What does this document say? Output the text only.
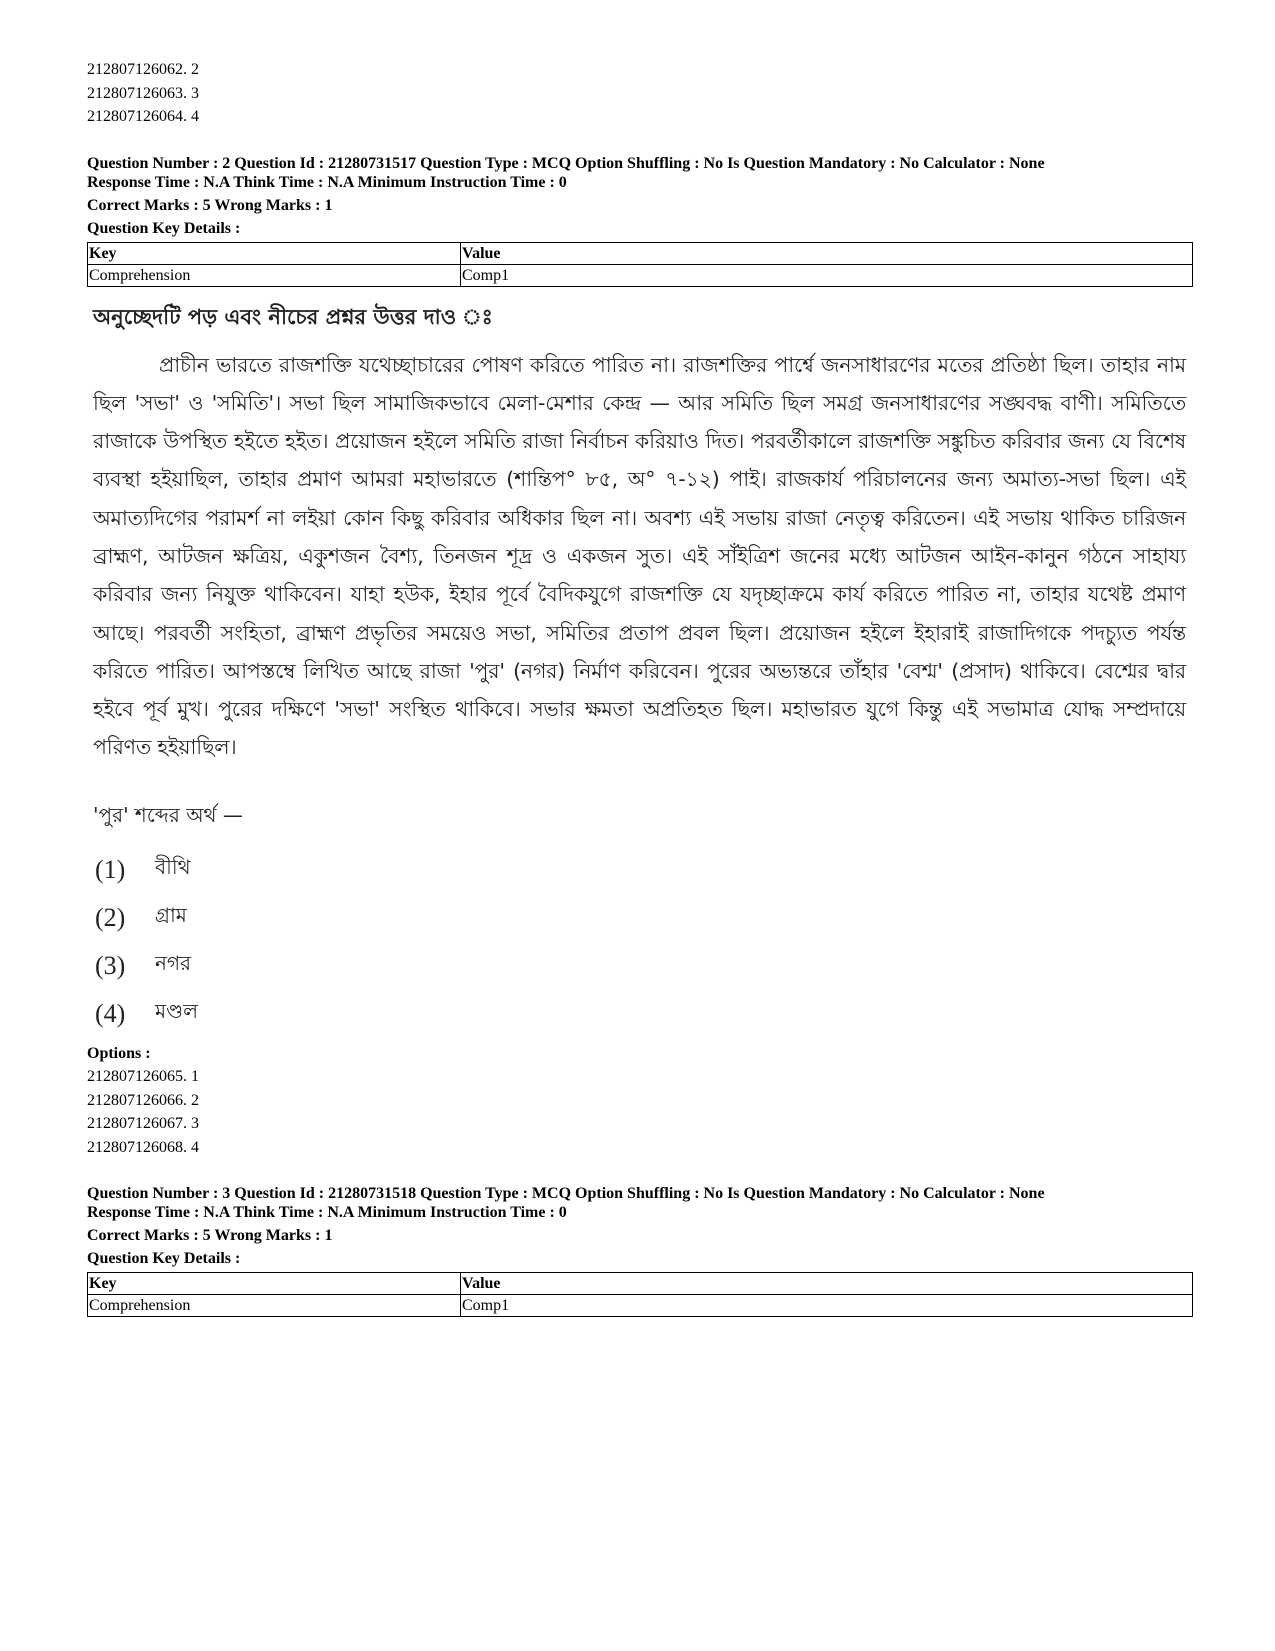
212807126062. 2
212807126063. 3
212807126064. 4
Question Number : 2 Question Id : 21280731517 Question Type : MCQ Option Shuffling : No Is Question Mandatory : No Calculator : None
Response Time : N.A Think Time : N.A Minimum Instruction Time : 0
Correct Marks : 5 Wrong Marks : 1
Question Key Details :
Key	Value
Comprehension	Comp1
অনুচ্ছেদটি পড় এবং নীচের প্রশ্নর উত্তর দাও ঃ

প্রাচীন ভারতে রাজশক্তি যথেচ্ছাচারের পোষণ করিতে পারিত না। রাজশক্তির পার্শ্বে জনসাধারণের মতের প্রতিষ্ঠা ছিল। তাহার নাম ছিল 'সভা' ও 'সমিতি'। সভা ছিল সামাজিকভাবে মেলা-মেশার কেন্দ্র — আর সমিতি ছিল সমগ্র জনসাধারণের সঙ্ঘবদ্ধ বাণী। সমিতিতে রাজাকে উপস্থিত হইতে হইত। প্রয়োজন হইলে সমিতি রাজা নির্বাচন করিয়াও দিত। পরবর্তীকালে রাজশক্তি সঙ্কুচিত করিবার জন্য যে বিশেষ ব্যবস্থা হইয়াছিল, তাহার প্রমাণ আমরা মহাভারতে (শান্তিপ° ৮৫, অ° ৭-১২) পাই। রাজকার্য পরিচালনের জন্য অমাত্য-সভা ছিল। এই অমাত্যদিগের পরামর্শ না লইয়া কোন কিছু করিবার অধিকার ছিল না। অবশ্য এই সভায় রাজা নেতৃত্ব করিতেন। এই সভায় থাকিত চারিজন ব্রাহ্মণ, আটজন ক্ষত্রিয়, একুশজন বৈশ্য, তিনজন শূদ্র ও একজন সুত। এই সাঁইত্রিশ জনের মধ্যে আটজন আইন-কানুন গঠনে সাহায্য করিবার জন্য নিযুক্ত থাকিবেন। যাহা হউক, ইহার পূর্বে বৈদিকযুগে রাজশক্তি যে যদৃচ্ছাক্রমে কার্য করিতে পারিত না, তাহার যথেষ্ট প্রমাণ আছে। পরবর্তী সংহিতা, ব্রাহ্মণ প্রভৃতির সময়েও সভা, সমিতির প্রতাপ প্রবল ছিল। প্রয়োজন হইলে ইহারাই রাজাদিগকে পদচ্যুত পর্যন্ত করিতে পারিত। আপস্তম্বে লিখিত আছে রাজা 'পুর' (নগর) নির্মাণ করিবেন। পুরের অভ্যন্তরে তাঁহার 'বেশ্ম' (প্রসাদ) থাকিবে। বেশ্মের দ্বার হইবে পূর্ব মুখ। পুরের দক্ষিণে 'সভা' সংস্থিত থাকিবে। সভার ক্ষমতা অপ্রতিহত ছিল। মহাভারত যুগে কিন্তু এই সভামাত্র যোদ্ধ সম্প্রদায়ে পরিণত হইয়াছিল।

'পুর' শব্দের অর্থ —
(1)	বীথি
(2)	গ্রাম
(3)	নগর
(4)	মণ্ডল
Options :
212807126065. 1
212807126066. 2
212807126067. 3
212807126068. 4
Question Number : 3 Question Id : 21280731518 Question Type : MCQ Option Shuffling : No Is Question Mandatory : No Calculator : None
Response Time : N.A Think Time : N.A Minimum Instruction Time : 0
Correct Marks : 5 Wrong Marks : 1
Question Key Details :
Key	Value
Comprehension	Comp1
